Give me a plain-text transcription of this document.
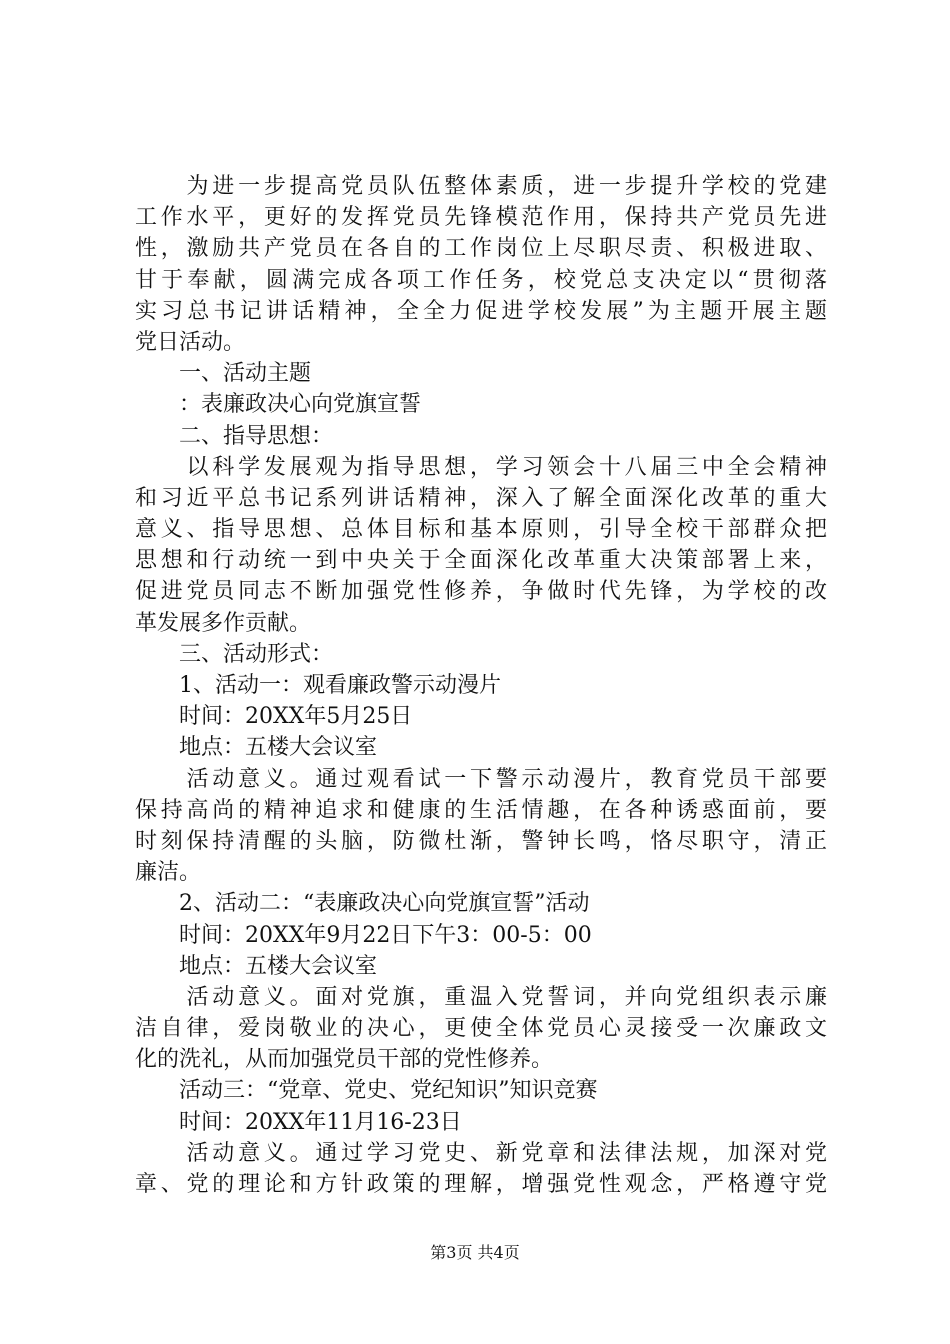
　　为进一步提高党员队伍整体素质，进一步提升学校的党建
工作水平，更好的发挥党员先锋模范作用，保持共产党员先进
性，激励共产党员在各自的工作岗位上尽职尽责、积极进取、
甘于奉献，圆满完成各项工作任务，校党总支决定以“贯彻落
实习总书记讲话精神，全全力促进学校发展”为主题开展主题
党日活动。
　　一、活动主题
　　：表廉政决心向党旗宣誓
　　二、指导思想：
　　以科学发展观为指导思想，学习领会十八届三中全会精神
和习近平总书记系列讲话精神，深入了解全面深化改革的重大
意义、指导思想、总体目标和基本原则，引导全校干部群众把
思想和行动统一到中央关于全面深化改革重大决策部署上来，
促进党员同志不断加强党性修养，争做时代先锋，为学校的改
革发展多作贡献。
　　三、活动形式：
　　1、活动一：观看廉政警示动漫片
　　时间：20XX年5月25日
　　地点：五楼大会议室
　　活动意义。通过观看试一下警示动漫片，教育党员干部要
保持高尚的精神追求和健康的生活情趣，在各种诱惑面前，要
时刻保持清醒的头脑，防微杜渐，警钟长鸣，恪尽职守，清正
廉洁。
　　2、活动二：“表廉政决心向党旗宣誓”活动
　　时间：20XX年9月22日下午3：00-5：00
　　地点：五楼大会议室
　　活动意义。面对党旗，重温入党誓词，并向党组织表示廉
洁自律，爱岗敬业的决心，更使全体党员心灵接受一次廉政文
化的洗礼，从而加强党员干部的党性修养。
　　活动三：“党章、党史、党纪知识”知识竞赛
　　时间：20XX年11月16-23日
　　活动意义。通过学习党史、新党章和法律法规，加深对党
章、党的理论和方针政策的理解，增强党性观念，严格遵守党
第3页 共4页
